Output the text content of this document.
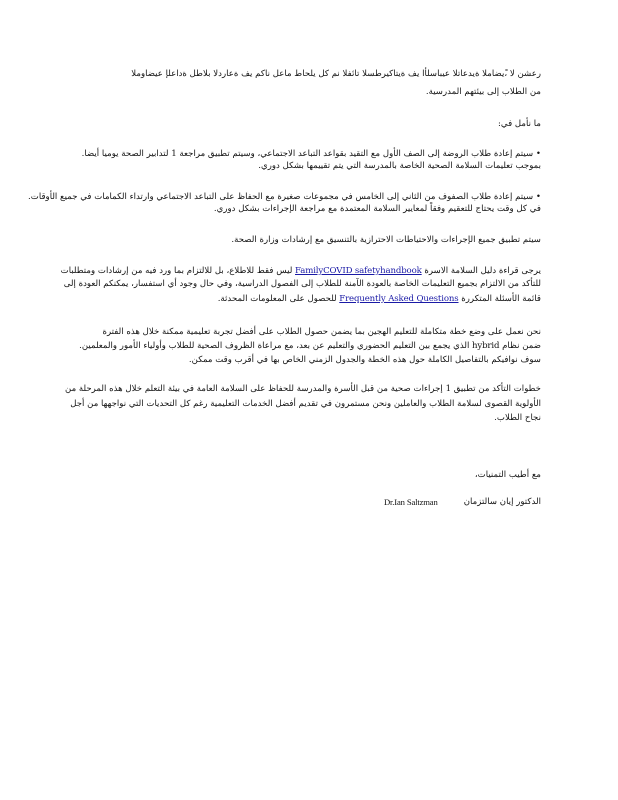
رعشن لا ،ًيضاملا ةيدعاتلا عيباسلأا يف ةيتاكيرطسلا تائفلا نم كل يلحاط ماعل ناكم يف ةعاردلا بلاطل ةداعلإ عيضاوملا
من الطلاب إلى بيئتهم المدرسية.
ما نأمل في:
• سيتم إعادة طلاب الروضة إلى الصف الأول مع التقيد بقواعد التباعد الاجتماعي، وسيتم تطبيق مراجعة 1 لتدابير الصحة يوميا أيضا.
بموجب تعليمات السلامة الصحية الخاصة بالمدرسة التي يتم تقييمها بشكل دوري.
• سيتم إعادة طلاب الصفوف من الثاني إلى الخامس في مجموعات صغيرة مع الحفاظ على التباعد الاجتماعي وارتداء الكمامات في جميع الأوقات.
في كل وقت يحتاج للتعقيم وفقاً لمعايير السلامة المعتمدة مع مراجعة الإجراءات بشكل دوري.
سيتم تطبيق جميع الإجراءات والاحتياطات الاحترازية بالتنسيق مع إرشادات وزارة الصحة.
يرجى قراءة دليل السلامة الاسرة FamilyCOVID safetyhandbook ليس فقط للاطلاع، بل للالتزام بما ورد فيه من إرشادات ومتطلبات
للتأكد من الالتزام بجميع التعليمات الخاصة بالعودة الآمنة للطلاب إلى الفصول الدراسية، وفي حال وجود أي استفسار، يمكنكم العودة إلى
قائمة الأسئلة المتكررة Frequently Asked Questions للحصول على المعلومات المحدثة.
نحن نعمل على وضع خطة متكاملة للتعليم الهجين بما يضمن حصول الطلاب على أفضل تجربة تعليمية ممكنة خلال هذه الفترة
ضمن نظام hybrid الذي يجمع بين التعليم الحضوري والتعليم عن بعد، مع مراعاة الظروف الصحية للطلاب وأولياء الأمور والمعلمين.
سوف نوافيكم بالتفاصيل الكاملة حول هذه الخطة والجدول الزمني الخاص بها في أقرب وقت ممكن.
خطوات التأكد من تطبيق 1 إجراءات صحية من قبل الأسرة والمدرسة للحفاظ على السلامة العامة في بيئة التعلم خلال هذه المرحلة من
الأولوية القصوى لسلامة الطلاب والعاملين ونحن مستمرون في تقديم أفضل الخدمات التعليمية رغم كل التحديات التي نواجهها من أجل
نجاح الطلاب.
مع أطيب التمنيات،
الدكتور إيان سالتزمان
Dr.Ian Saltzman
